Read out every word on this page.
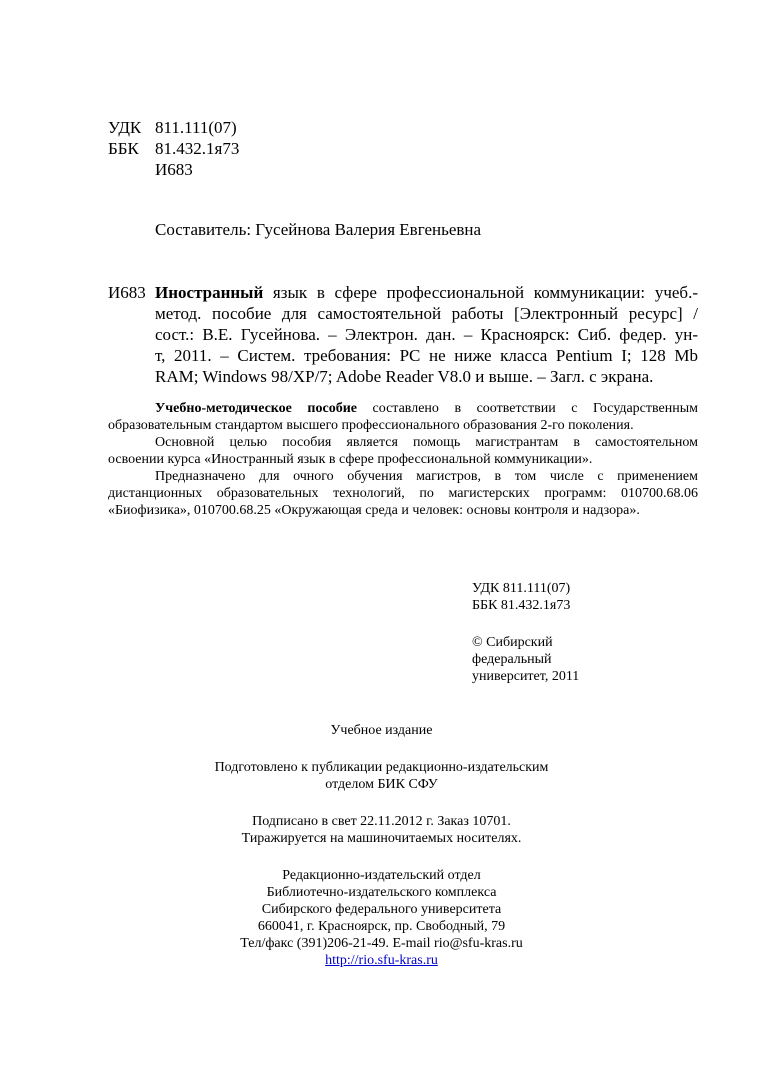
УДК 811.111(07)
ББК 81.432.1я73
И683
Составитель: Гусейнова Валерия Евгеньевна
И683 Иностранный язык в сфере профессиональной коммуникации: учеб.-
метод. пособие для самостоятельной работы [Электронный ресурс] /
сост.: В.Е. Гусейнова. – Электрон. дан. – Красноярск: Сиб. федер. ун-
т, 2011. – Систем. требования: PC не ниже класса Pentium I; 128 Mb
RAM; Windows 98/XP/7; Adobe Reader V8.0 и выше. – Загл. с экрана.
Учебно-методическое пособие составлено в соответствии с Государственным
образовательным стандартом высшего профессионального образования 2-го поколения.
Основной целью пособия является помощь магистрантам в самостоятельном
освоении курса «Иностранный язык в сфере профессиональной коммуникации».
Предназначено для очного обучения магистров, в том числе с применением
дистанционных образовательных технологий, по магистерских программ: 010700.68.06
«Биофизика», 010700.68.25 «Окружающая среда и человек: основы контроля и надзора».
УДК 811.111(07)
ББК 81.432.1я73
© Сибирский
федеральный
университет, 2011
Учебное издание
Подготовлено к публикации редакционно-издательским
отделом БИК СФУ
Подписано в свет 22.11.2012 г. Заказ 10701.
Тиражируется на машиночитаемых носителях.
Редакционно-издательский отдел
Библиотечно-издательского комплекса
Сибирского федерального университета
660041, г. Красноярск, пр. Свободный, 79
Тел/факс (391)206-21-49. E-mail rio@sfu-kras.ru
http://rio.sfu-kras.ru
